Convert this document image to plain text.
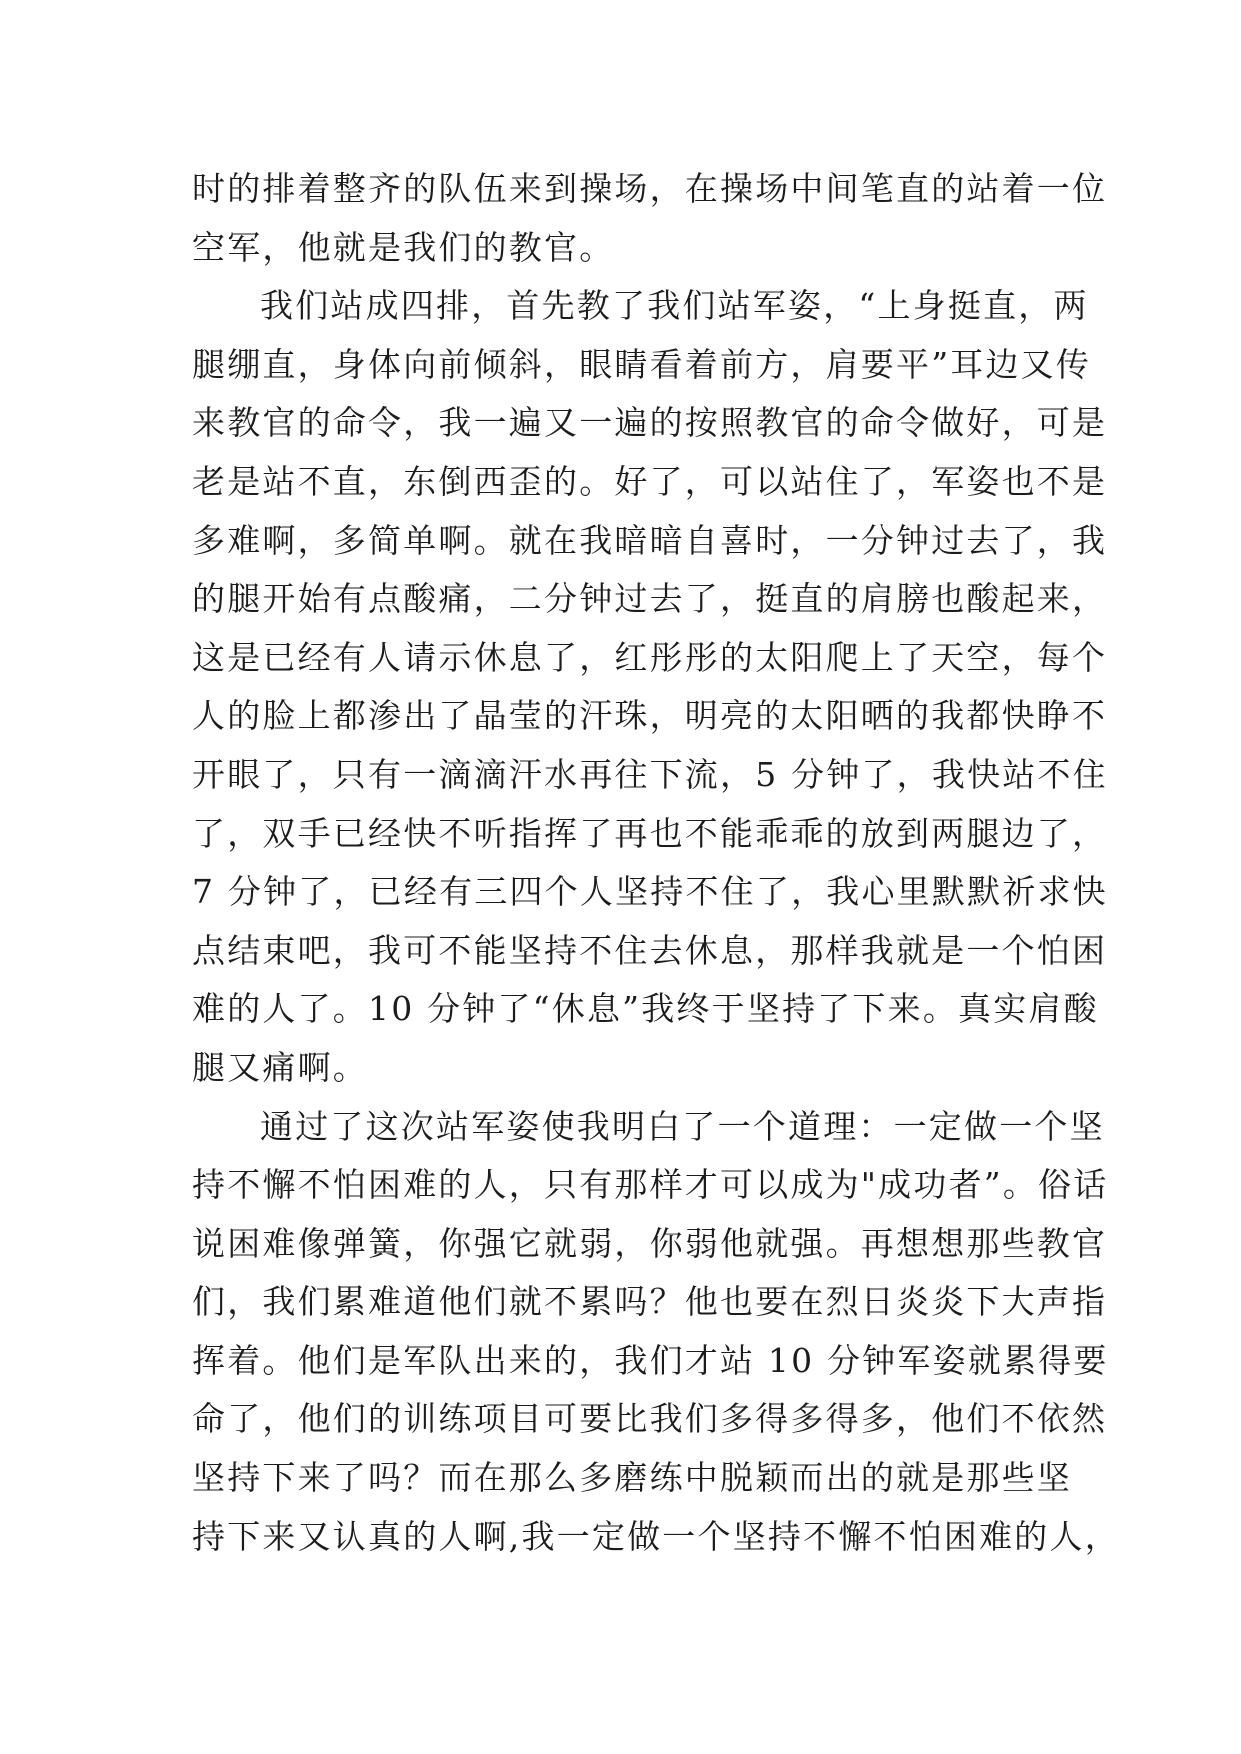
时的排着整齐的队伍来到操场，在操场中间笔直的站着一位
空军，他就是我们的教官。
我们站成四排，首先教了我们站军姿，“上身挺直，两
腿绷直，身体向前倾斜，眼睛看着前方，肩要平”耳边又传
来教官的命令，我一遍又一遍的按照教官的命令做好，可是
老是站不直，东倒西歪的。好了，可以站住了，军姿也不是
多难啊，多简单啊。就在我暗暗自喜时，一分钟过去了，我
的腿开始有点酸痛，二分钟过去了，挺直的肩膀也酸起来，
这是已经有人请示休息了，红彤彤的太阳爬上了天空，每个
人的脸上都渗出了晶莹的汗珠，明亮的太阳晒的我都快睁不
开眼了，只有一滴滴汗水再往下流，5 分钟了，我快站不住
了，双手已经快不听指挥了再也不能乖乖的放到两腿边了，
7 分钟了，已经有三四个人坚持不住了，我心里默默祈求快
点结束吧，我可不能坚持不住去休息，那样我就是一个怕困
难的人了。10 分钟了“休息”我终于坚持了下来。真实肩酸
腿又痛啊。
通过了这次站军姿使我明白了一个道理：一定做一个坚
持不懈不怕困难的人，只有那样才可以成为"成功者”。俗话
说困难像弹簧，你强它就弱，你弱他就强。再想想那些教官
们，我们累难道他们就不累吗？他也要在烈日炎炎下大声指
挥着。他们是军队出来的，我们才站 10 分钟军姿就累得要
命了，他们的训练项目可要比我们多得多得多，他们不依然
坚持下来了吗？而在那么多磨练中脱颖而出的就是那些坚
持下来又认真的人啊,我一定做一个坚持不懈不怕困难的人，
